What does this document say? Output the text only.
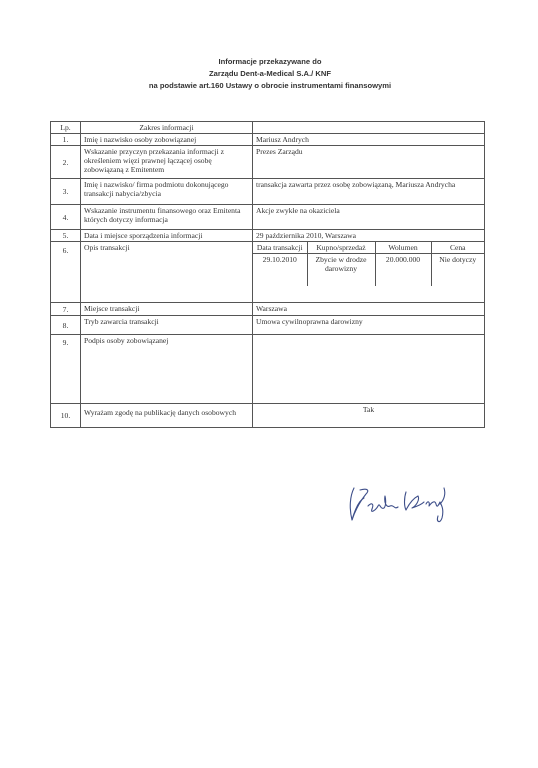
Informacje przekazywane do
Zarządu Dent-a-Medical S.A./ KNF
na podstawie art.160 Ustawy o obrocie instrumentami finansowymi
Lp.	Zakres informacji	
1.	Imię i nazwisko osoby zobowiązanej	Mariusz Andrych
2.	Wskazanie przyczyn przekazania informacji z określeniem więzi prawnej łączącej osobę zobowiązaną z Emitentem	Prezes Zarządu
3.	Imię i nazwisko/ firma podmiotu dokonującego transakcji nabycia/zbycia	transakcja zawarta przez osobę zobowiązaną, Mariusza Andrycha
4.	Wskazanie instrumentu finansowego oraz Emitenta których dotyczy informacja	Akcje zwykłe na okaziciela
5.	Data i miejsce sporządzenia informacji	29 października 2010, Warszawa
6.	Opis transakcji		Data transakcji	Kupno/sprzedaż	Wolumen	Cena
29.10.2010	Zbycie w drodze darowizny	20.000.000	Nie dotyczy

7.	Miejsce transakcji	Warszawa
8.	Tryb zawarcia transakcji	Umowa cywilnoprawna darowizny
9.	Podpis osoby zobowiązanej	
10.	Wyrażam zgodę na publikację danych osobowych	Tak
